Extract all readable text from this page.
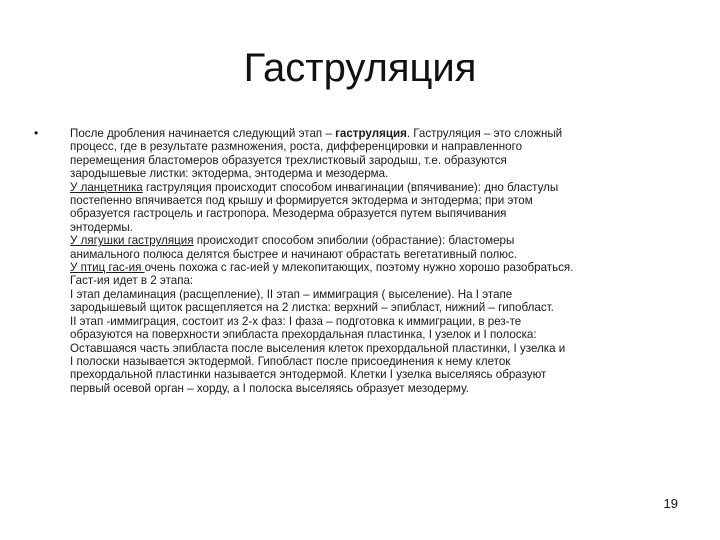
Гаструляция
•	После дробления начинается следующий этап – гаструляция. Гаструляция – это сложный
процесс, где в результате размножения, роста, дифференцировки и направленного
перемещения бластомеров образуется трехлистковый зародыш, т.е. образуются
зародышевые листки: эктодерма, энтодерма и мезодерма.
У ланцетника гаструляция происходит способом инвагинации (впячивание): дно бластулы
постепенно впячивается под крышу и формируется эктодерма и энтодерма; при этом
образуется гастроцель и гастропора. Мезодерма образуется путем выпячивания
энтодермы.
У лягушки гаструляция происходит способом эпиболии (обрастание): бластомеры
анимального полюса делятся быстрее и начинают обрастать вегетативный полюс.
У птиц гас-ия очень похожа с гас-ией у млекопитающих, поэтому нужно хорошо разобраться.
Гаст-ия идет в 2 этапа:
I этап деламинация (расщепление), II этап – иммиграция ( выселение). На I этапе
зародышевый щиток расщепляется на 2 листка: верхний – эпибласт, нижний – гипобласт.
II этап -иммиграция, состоит из 2-х фаз: I фаза – подготовка к иммиграции, в рез-те
образуются на поверхности эпибласта прехордальная пластинка, I узелок и I полоска:
Оставшаяся часть эпибласта после выселения клеток прехордальной пластинки, I узелка и
I полоски называется эктодермой. Гипобласт после присоединения к нему клеток
прехордальной пластинки называется энтодермой. Клетки I узелка выселяясь образуют
первый осевой орган – хорду, а I полоска выселяясь образует мезодерму.
19
